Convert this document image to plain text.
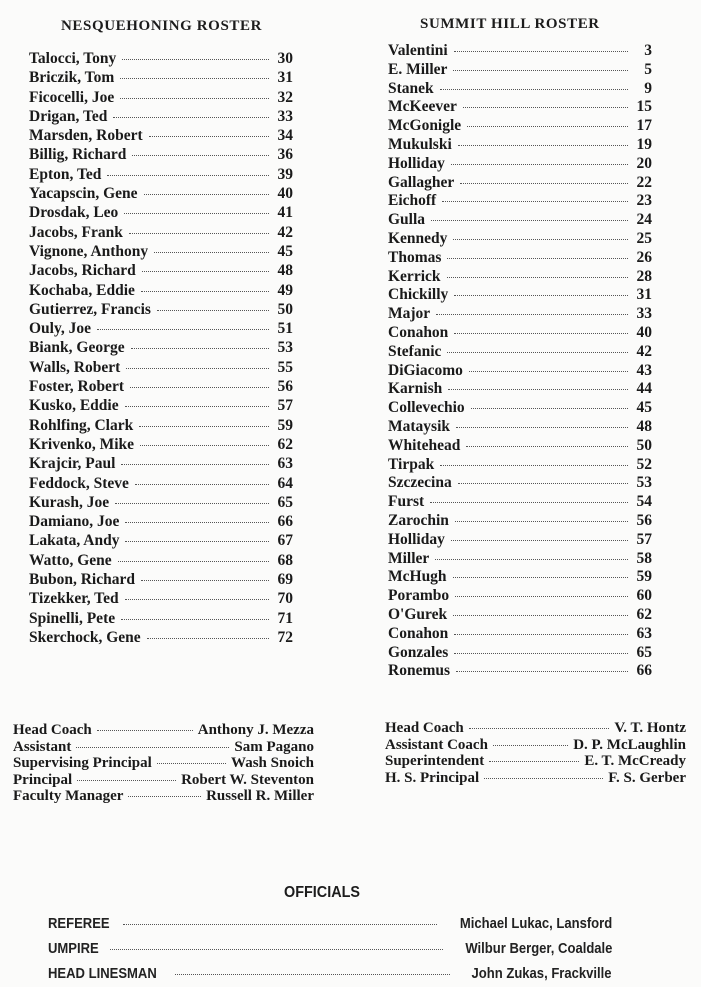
NESQUEHONING ROSTER	SUMMIT HILL ROSTER
Talocci, Tony	30
Briczik, Tom	31
Ficocelli, Joe	32
Drigan, Ted	33
Marsden, Robert	34
Billig, Richard	36
Epton, Ted	39
Yacapscin, Gene	40
Drosdak, Leo	41
Jacobs, Frank	42
Vignone, Anthony	45
Jacobs, Richard	48
Kochaba, Eddie	49
Gutierrez, Francis	50
Ouly, Joe	51
Biank, George	53
Walls, Robert	55
Foster, Robert	56
Kusko, Eddie	57
Rohlfing, Clark	59
Krivenko, Mike	62
Krajcir, Paul	63
Feddock, Steve	64
Kurash, Joe	65
Damiano, Joe	66
Lakata, Andy	67
Watto, Gene	68
Bubon, Richard	69
Tizekker, Ted	70
Spinelli, Pete	71
Skerchock, Gene	72
Valentini	3
E. Miller	5
Stanek	9
McKeever	15
McGonigle	17
Mukulski	19
Holliday	20
Gallagher	22
Eichoff	23
Gulla	24
Kennedy	25
Thomas	26
Kerrick	28
Chickilly	31
Major	33
Conahon	40
Stefanic	42
DiGiacomo	43
Karnish	44
Collevechio	45
Mataysik	48
Whitehead	50
Tirpak	52
Szczecina	53
Furst	54
Zarochin	56
Holliday	57
Miller	58
McHugh	59
Porambo	60
O'Gurek	62
Conahon	63
Gonzales	65
Ronemus	66
Head Coach	Anthony J. Mezza
Assistant	Sam Pagano
Supervising Principal	Wash Snoich
Principal	Robert W. Steventon
Faculty Manager	Russell R. Miller
Head Coach	V. T. Hontz
Assistant Coach	D. P. McLaughlin
Superintendent	E. T. McCready
H. S. Principal	F. S. Gerber
OFFICIALS
REFEREE	Michael Lukac, Lansford
UMPIRE	Wilbur Berger, Coaldale
HEAD LINESMAN	John Zukas, Frackville
